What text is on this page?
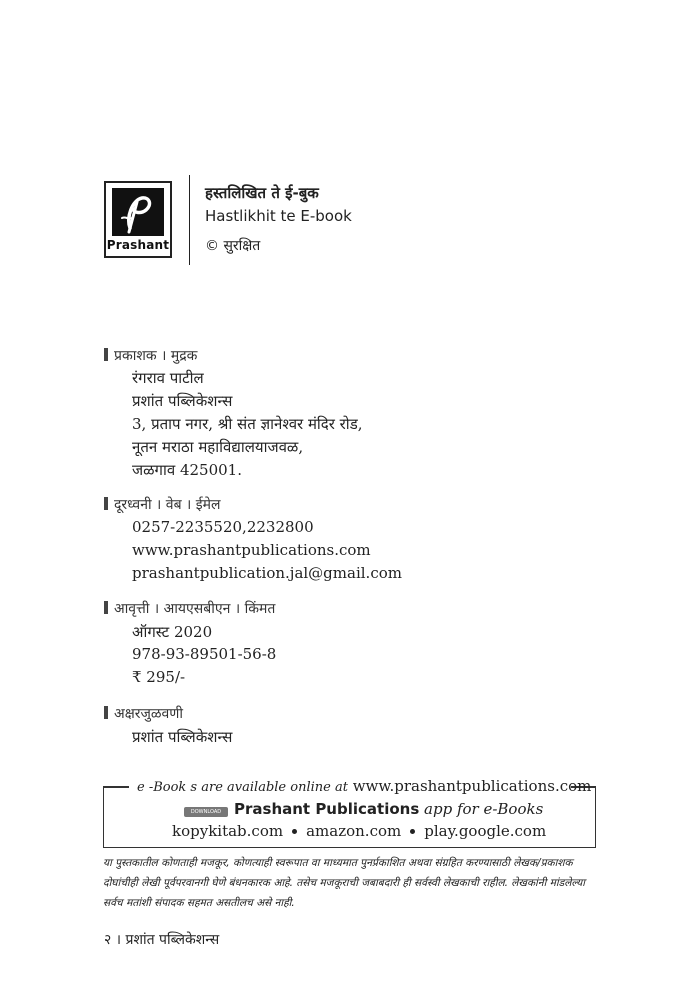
Prashant
हस्तलिखित ते ई-बुक
Hastlikhit te E-book
© सुरक्षित
प्रकाशक । मुद्रक
रंगराव पाटील
प्रशांत पब्लिकेशन्स
3, प्रताप नगर, श्री संत ज्ञानेश्वर मंदिर रोड,
नूतन मराठा महाविद्यालयाजवळ,
जळगाव 425001.
दूरध्वनी । वेब । ईमेल
0257-2235520,2232800
www.prashantpublications.com
prashantpublication.jal@gmail.com
आवृत्ती । आयएसबीएन । किंमत
ऑगस्ट 2020
978-93-89501-56-8
₹ 295/-
अक्षरजुळवणी
प्रशांत पब्लिकेशन्स
e -Book s are available online at www.prashantpublications.com
DOWNLOAD Prashant Publications app for e-Books
kopykitab.com amazon.com play.google.com
या पुस्तकातील कोणताही मजकूर, कोणत्याही स्वरूपात वा माध्यमात पुनर्प्रकाशित अथवा संग्रहित करण्यासाठी लेखक/प्रकाशक दोघांचीही लेखी पूर्वपरवानगी घेणे बंधनकारक आहे. तसेच मजकूराची जबाबदारी ही सर्वस्वी लेखकाची राहील. लेखकांनी मांडलेल्या सर्वच मतांशी संपादक सहमत असतीलच असे नाही.
२ । प्रशांत पब्लिकेशन्स
